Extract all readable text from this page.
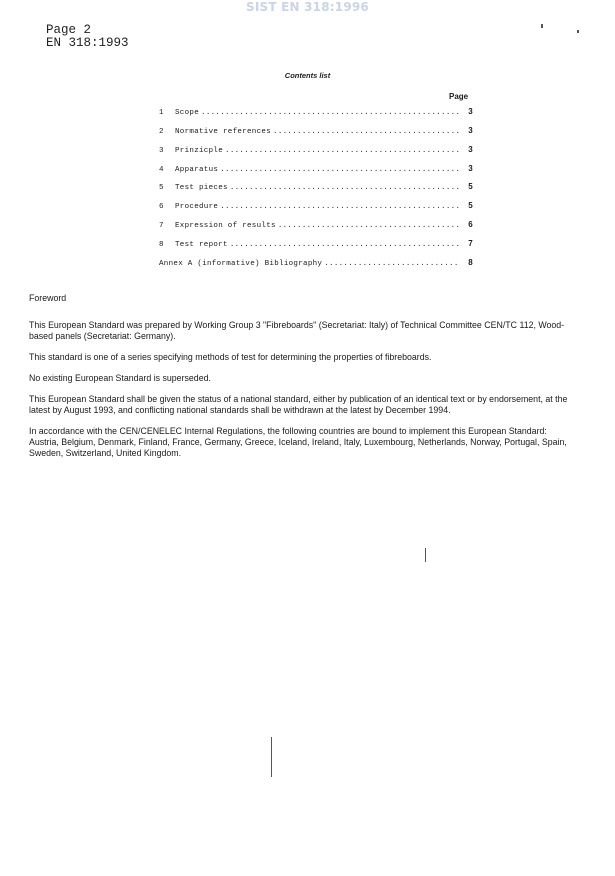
SIST EN 318:1996
Page 2
EN 318:1993
Contents list
Page
1	Scope .....	3
2	Normative references .....	3
3	Prinzicple .....	3
4	Apparatus .....	3
5	Test pieces .....	5
6	Procedure .....	5
7	Expression of results .....	6
8	Test report .....	7
Annex A (informative) Bibliography .....	8

Foreword

This European Standard was prepared by Working Group 3 "Fibreboards" (Secretariat: Italy) of Technical Committee CEN/TC 112, Wood-based panels (Secretariat: Germany).

This standard is one of a series specifying methods of test for determining the properties of fibreboards.

No existing European Standard is superseded.

This European Standard shall be given the status of a national standard, either by publication of an identical text or by endorsement, at the latest by August 1993, and conflicting national standards shall be withdrawn at the latest by December 1994.

In accordance with the CEN/CENELEC Internal Regulations, the following countries are bound to implement this European Standard: Austria, Belgium, Denmark, Finland, France, Germany, Greece, Iceland, Ireland, Italy, Luxembourg, Netherlands, Norway, Portugal, Spain, Sweden, Switzerland, United Kingdom.
